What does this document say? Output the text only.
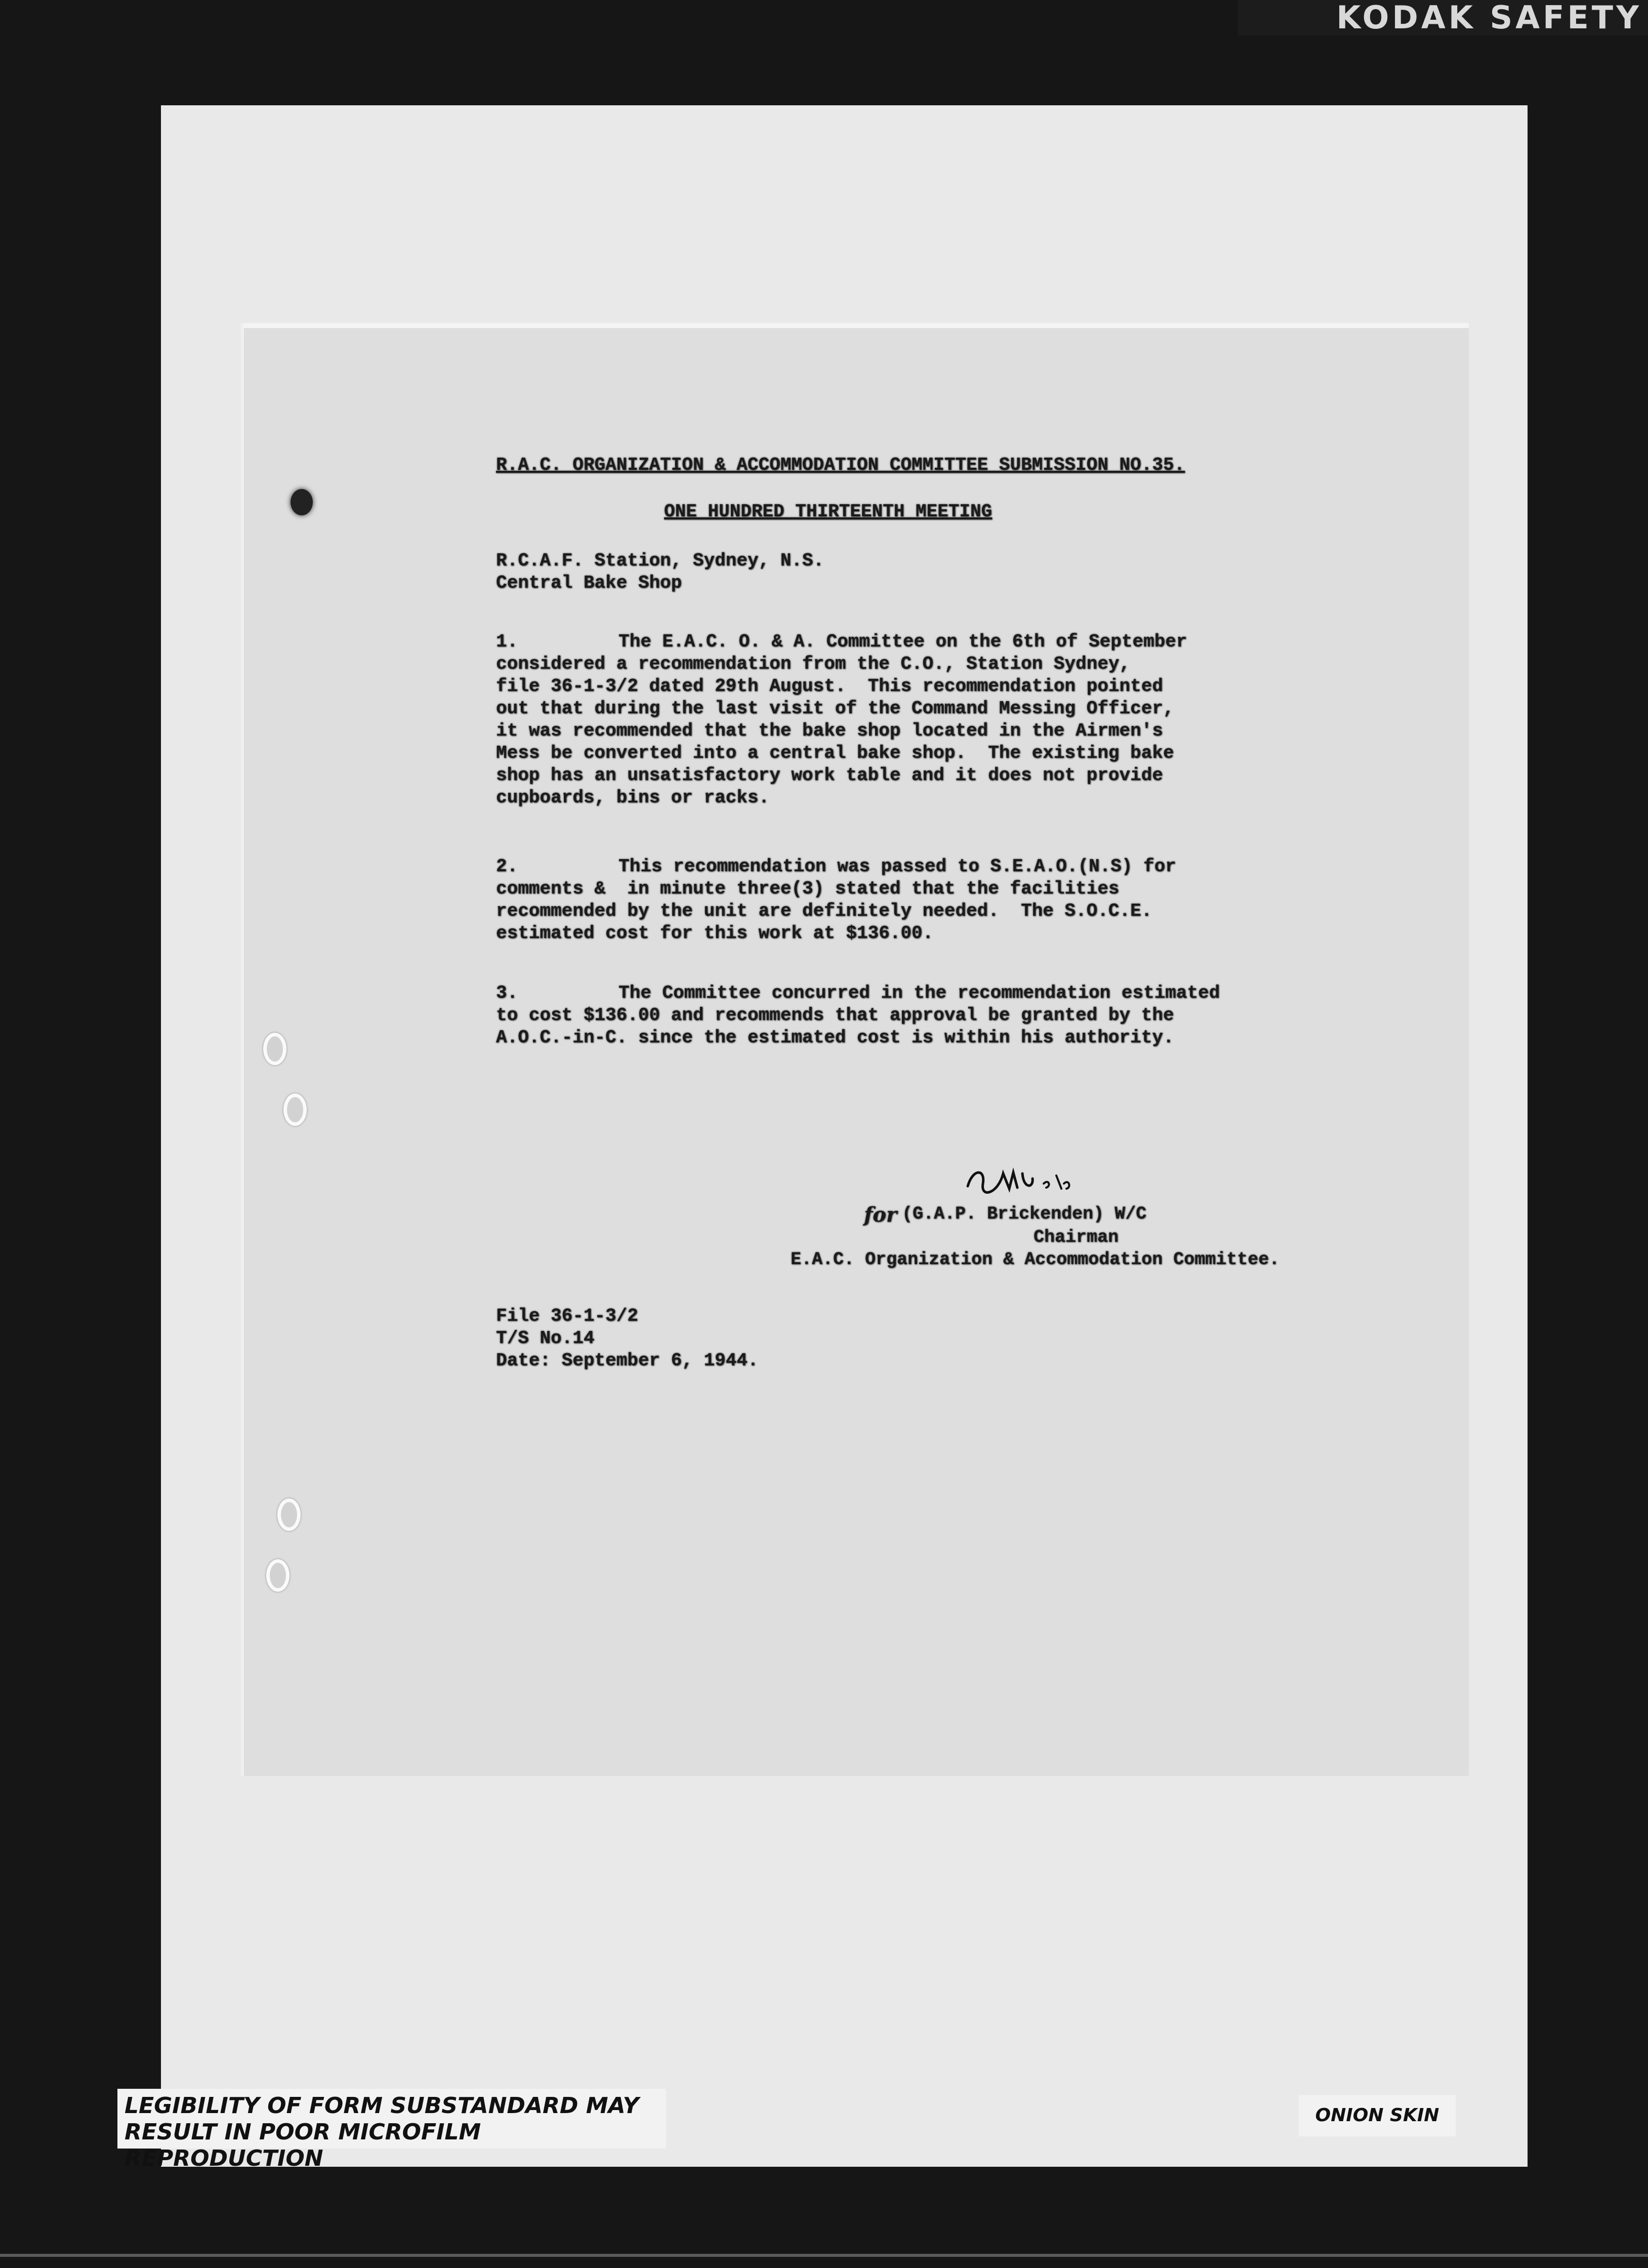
KODAK SAFETY
R.A.C. ORGANIZATION & ACCOMMODATION COMMITTEE SUBMISSION NO.35.
ONE HUNDRED THIRTEENTH MEETING
R.C.A.F. Station, Sydney, N.S.
Central Bake Shop
1.	The E.A.C. O. & A. Committee on the 6th of September
considered a recommendation from the C.O., Station Sydney,
file 36-1-3/2 dated 29th August.  This recommendation pointed
out that during the last visit of the Command Messing Officer,
it was recommended that the bake shop located in the Airmen's
Mess be converted into a central bake shop.  The existing bake
shop has an unsatisfactory work table and it does not provide
cupboards, bins or racks.
2.	This recommendation was passed to S.E.A.O.(N.S) for
comments &  in minute three(3) stated that the facilities
recommended by the unit are definitely needed.  The S.O.C.E.
estimated cost for this work at $136.00.
3.	The Committee concurred in the recommendation estimated
to cost $136.00 and recommends that approval be granted by the
A.O.C.-in-C. since the estimated cost is within his authority.
for (G.A.P. Brickenden) W/C
Chairman
E.A.C. Organization & Accommodation Committee.
File 36-1-3/2
T/S No.14
Date: September 6, 1944.
LEGIBILITY OF FORM SUBSTANDARD MAY
RESULT IN POOR MICROFILM REPRODUCTION
ONION SKIN
